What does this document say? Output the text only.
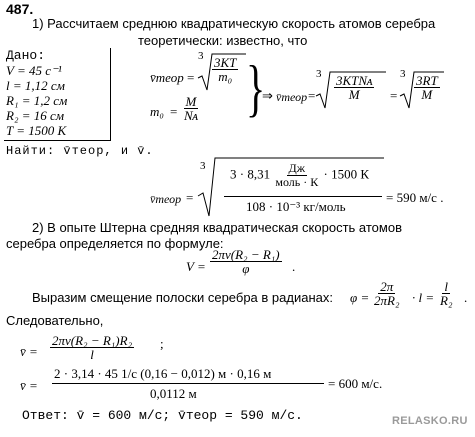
487.
1) Рассчитаем среднюю квадратическую скорость атомов серебра
теоретически: известно, что
Дано:
V = 45 с⁻¹
l = 1,12 см
R₁ = 1,2 см
R₂ = 16 см
T = 1500 К
Найти: v̄теор, и v̄.
v̄теор =
$3 \frac{3KT}{\text{m₀}}$
$m_0 = \frac{M}{\text{Nᴀ}}$ }
⇒ v̄теор =
$3 \frac{\text{3KTNᴀ}}{M}$ =
$3 \frac{3RT}{M}$
v̄теор =
3
$3 \cdot 8,31 \frac{Дж}{\text{моль · К}} \cdot 1500$ К
108 · 10⁻³ кг/моль
= 590 м/с .
2) В опыте Штерна средняя квадратическая скорость атомов
серебра определяется по формуле:
$V = \frac{\text{2πν(R₂ − R₁)}}{\varphi}$ .
Выразим смещение полоски серебра в радианах: $\varphi = \frac{2\pi}{\text{2πR₂}} \cdot l = \frac{l}{\text{R₂}}$ .
Следовательно,
v̄ = $\frac{\text{2πν(R₂ − R₁)R₂}}{l}$ ;
v̄ =
2 · 3,14 · 45 1/с (0,16 − 0,012) м · 0,16 м
0,0112 м
= 600 м/с.
Ответ: v̄ = 600 м/с; v̄теор = 590 м/с.	RELASKO.RU
